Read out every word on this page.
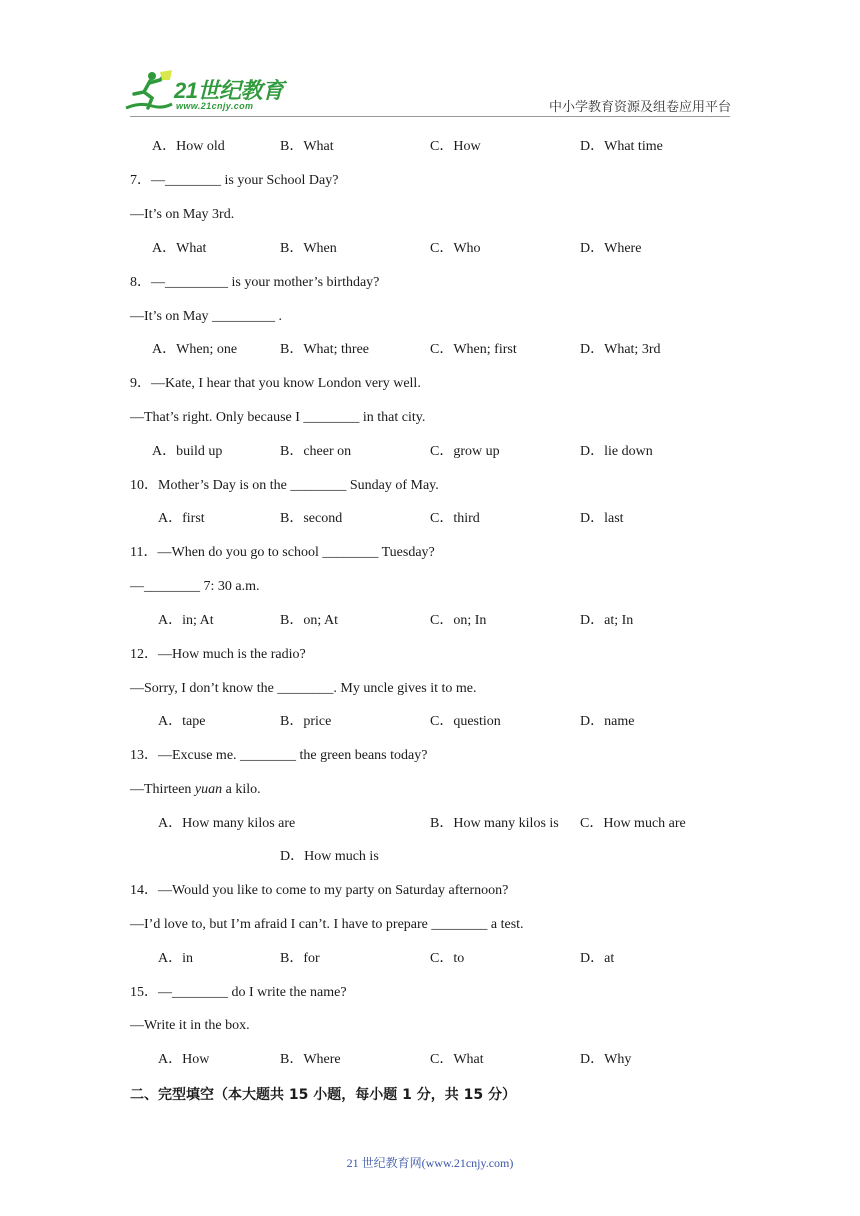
21世纪教育
www.21cnjy.com	中小学教育资源及组卷应用平台
A．How old	B．What	C．How	D．What time
7．—________ is your School Day?
—It’s on May 3rd.
A．What	B．When	C．Who	D．Where
8．—_________ is your mother’s birthday?
—It’s on May _________ .
A．When; one	B．What; three	C．When; first	D．What; 3rd
9．—Kate, I hear that you know London very well.
—That’s right. Only because I ________ in that city.
A．build up	B．cheer on	C．grow up	D．lie down
10．Mother’s Day is on the ________ Sunday of May.
A．first	B．second	C．third	D．last
11．—When do you go to school ________ Tuesday?
—________ 7: 30 a.m.
A．in; At	B．on; At	C．on; In	D．at; In
12．—How much is the radio?
—Sorry, I don’t know the ________. My uncle gives it to me.
A．tape	B．price	C．question	D．name
13．—Excuse me. ________ the green beans today?
—Thirteen yuan a kilo.
A．How many kilos are	B．How many kilos is C．How much are
D．How much is
14．—Would you like to come to my party on Saturday afternoon?
—I’d love to, but I’m afraid I can’t. I have to prepare ________ a test.
A．in	B．for	C．to	D．at
15．—________ do I write the name?
—Write it in the box.
A．How	B．Where	C．What	D．Why
二、完型填空（本大题共 15 小题，每小题 1 分，共 15 分）
21 世纪教育网(www.21cnjy.com)
